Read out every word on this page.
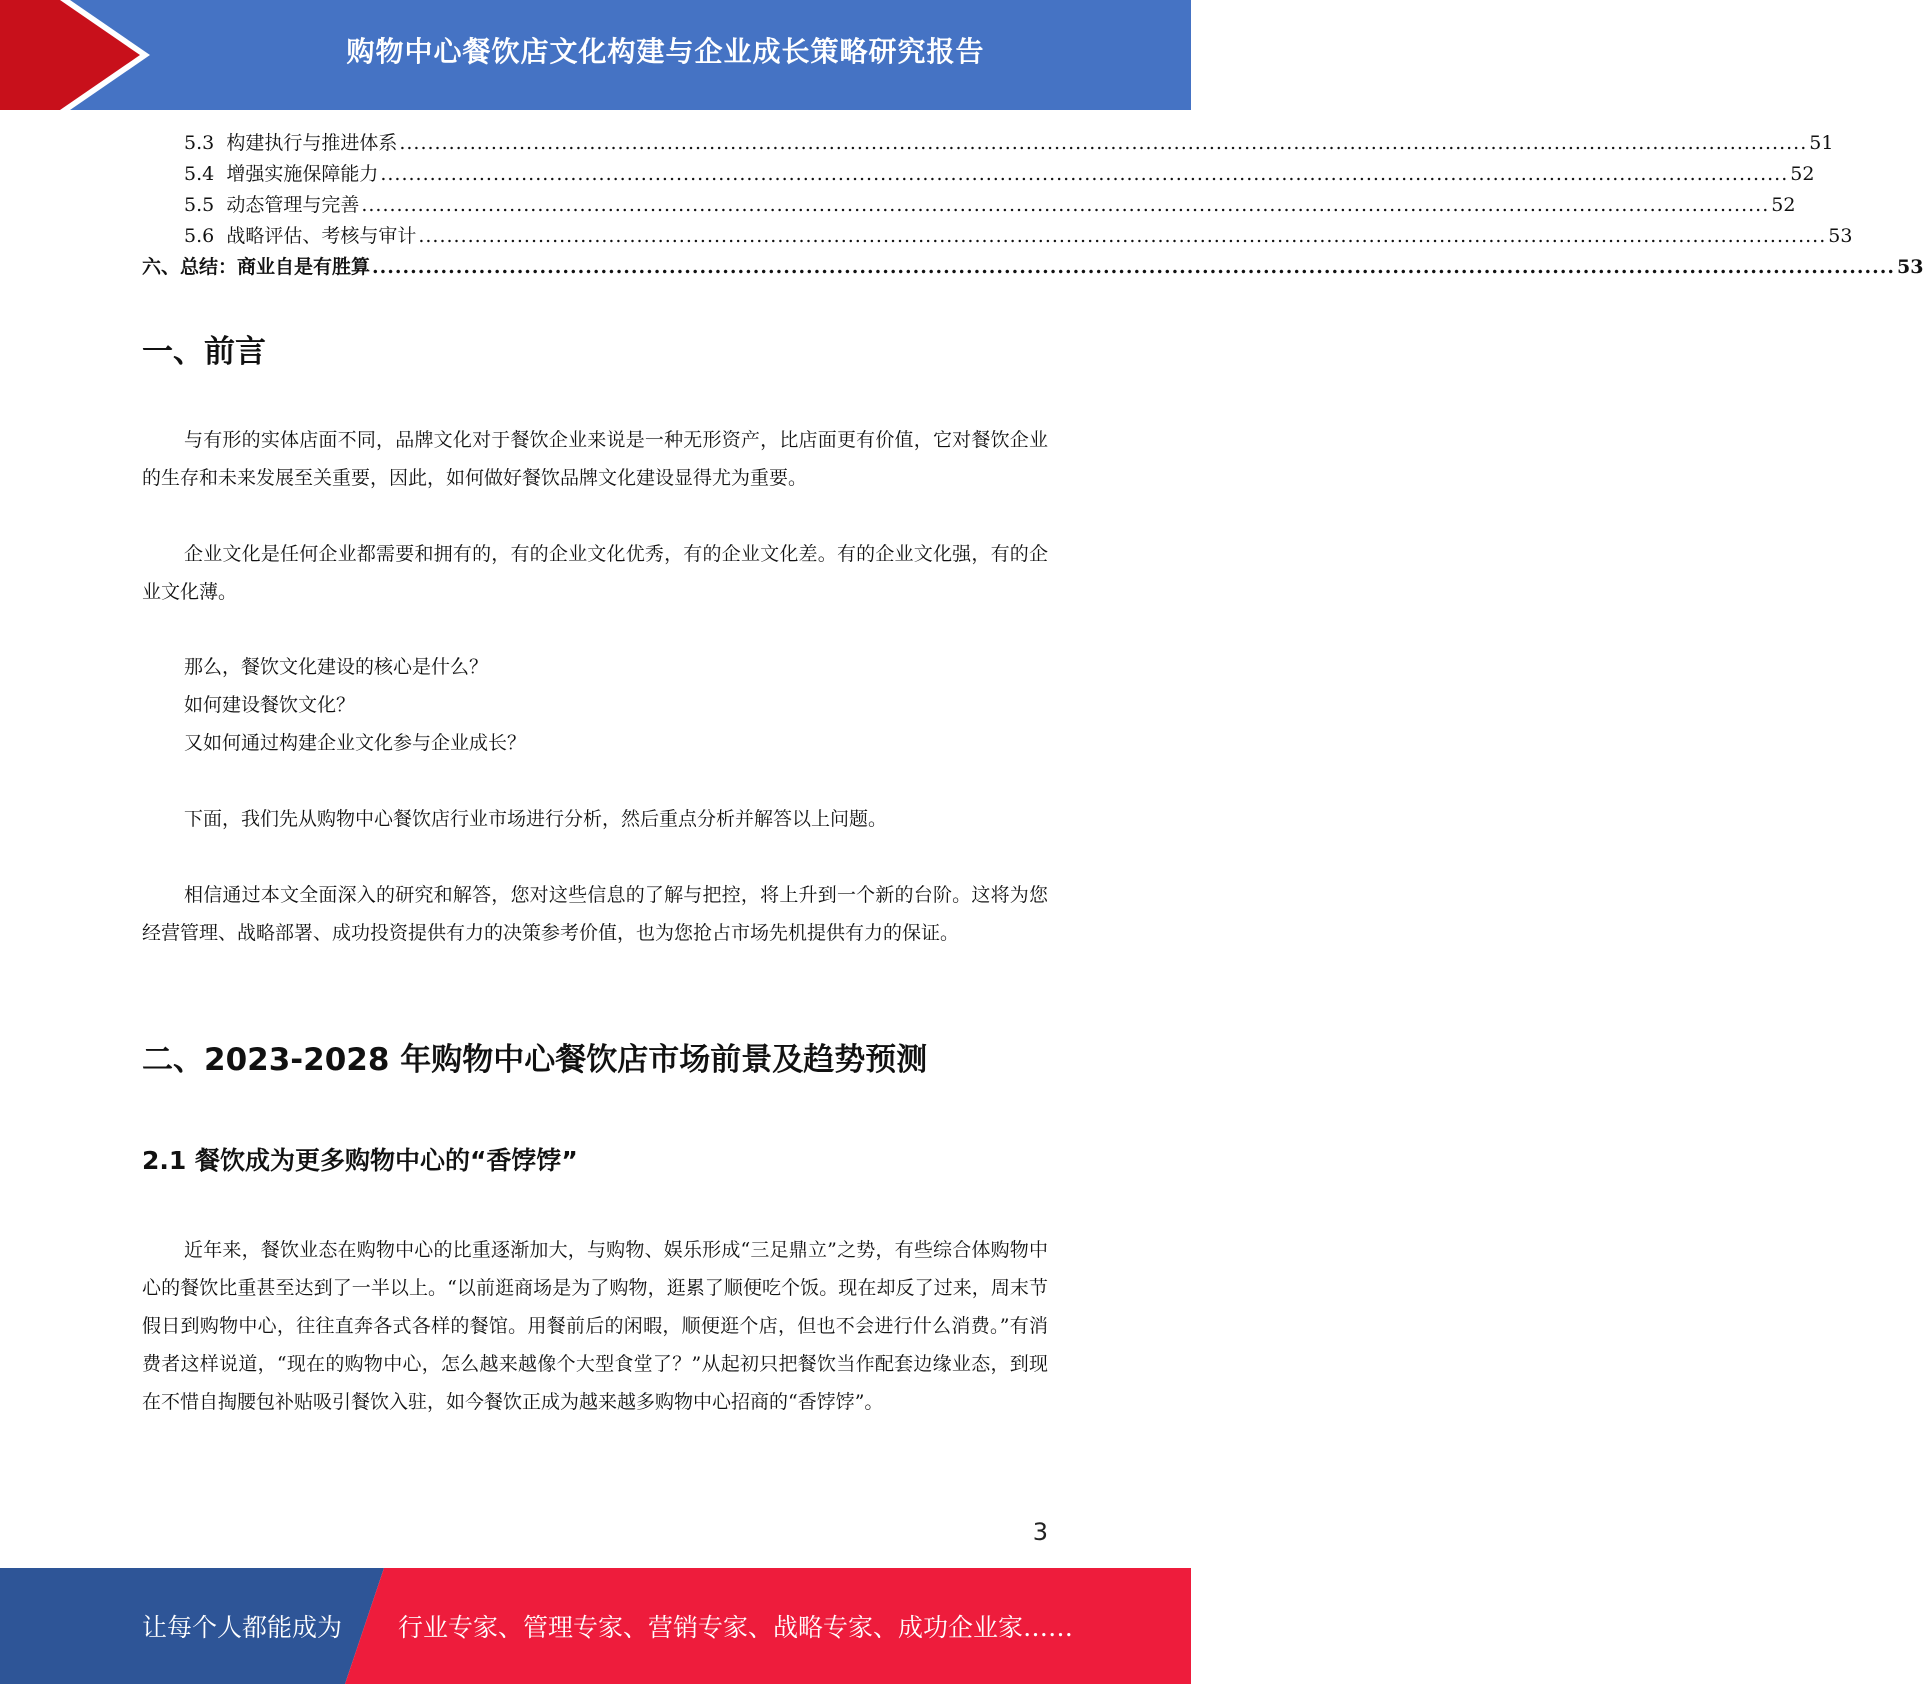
购物中心餐饮店文化构建与企业成长策略研究报告
5.3 构建执行与推进体系 ........................................................................................................................................................................................................ 51
5.4 增强实施保障能力 ........................................................................................................................................................................................................ 52
5.5 动态管理与完善 ........................................................................................................................................................................................................ 52
5.6 战略评估、考核与审计 ........................................................................................................................................................................................................ 53
六、总结：商业自是有胜算 ........................................................................................................................................................................................................ 53
一、前言

与有形的实体店面不同，品牌文化对于餐饮企业来说是一种无形资产，比店面更有价值，它对餐饮企业的生存和未来发展至关重要，因此，如何做好餐饮品牌文化建设显得尤为重要。

企业文化是任何企业都需要和拥有的，有的企业文化优秀，有的企业文化差。有的企业文化强，有的企业文化薄。

那么，餐饮文化建设的核心是什么？

如何建设餐饮文化？

又如何通过构建企业文化参与企业成长？

下面，我们先从购物中心餐饮店行业市场进行分析，然后重点分析并解答以上问题。

相信通过本文全面深入的研究和解答，您对这些信息的了解与把控，将上升到一个新的台阶。这将为您经营管理、战略部署、成功投资提供有力的决策参考价值，也为您抢占市场先机提供有力的保证。

二、2023-2028 年购物中心餐饮店市场前景及趋势预测
2.1 餐饮成为更多购物中心的“香饽饽”

近年来，餐饮业态在购物中心的比重逐渐加大，与购物、娱乐形成“三足鼎立”之势，有些综合体购物中心的餐饮比重甚至达到了一半以上。“以前逛商场是为了购物，逛累了顺便吃个饭。现在却反了过来，周末节假日到购物中心，往往直奔各式各样的餐馆。用餐前后的闲暇，顺便逛个店，但也不会进行什么消费。”有消费者这样说道，“现在的购物中心，怎么越来越像个大型食堂了？”从起初只把餐饮当作配套边缘业态，到现在不惜自掏腰包补贴吸引餐饮入驻，如今餐饮正成为越来越多购物中心招商的“香饽饽”。

3
让每个人都能成为 行业专家、管理专家、营销专家、战略专家、成功企业家……
